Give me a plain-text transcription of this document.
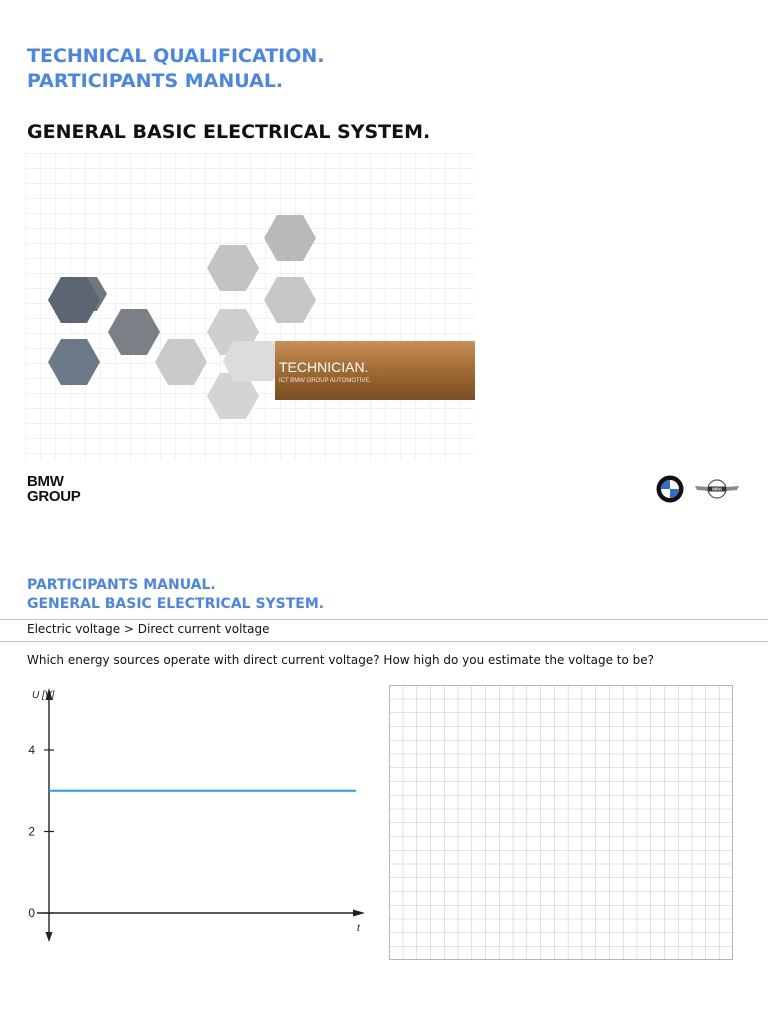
TECHNICAL QUALIFICATION.
PARTICIPANTS MANUAL.
GENERAL BASIC ELECTRICAL SYSTEM.
TECHNICIAN.
ICT BMW GROUP AUTOMOTIVE.
BMW
GROUP	MINI
PARTICIPANTS MANUAL.
GENERAL BASIC ELECTRICAL SYSTEM.
Electric voltage > Direct current voltage
Which energy sources operate with direct current voltage? How high do you estimate the voltage to be?
0
2
4
U [V]
t
